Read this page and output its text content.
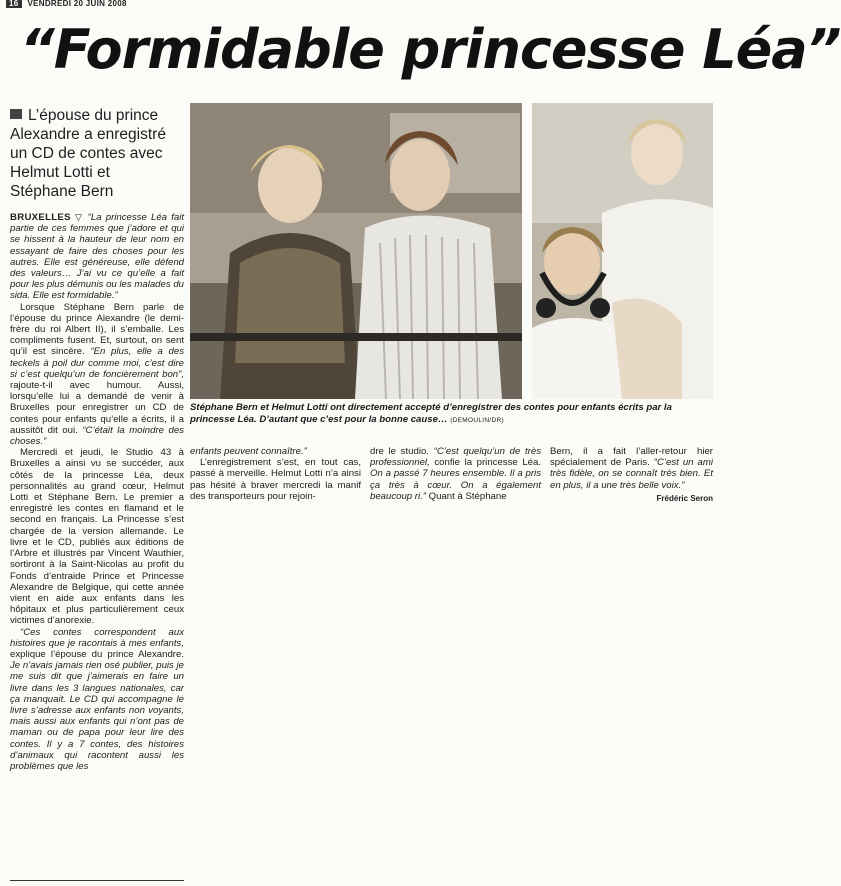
16 VENDREDI 20 JUIN 2008
“Formidable princesse Léa”
L’épouse du prince Alexandre a enregistré un CD de contes avec Helmut Lotti et Stéphane Bern
Stéphane Bern et Helmut Lotti ont directement accepté d’enregistrer des contes pour enfants écrits par la princesse Léa. D’autant que c’est pour la bonne cause… (DEMOULIN/DR)

BRUXELLES ▽ “La princesse Léa fait partie de ces femmes que j’adore et qui se hissent à la hauteur de leur nom en essayant de faire des choses pour les autres. Elle est généreuse, elle défend des valeurs… J’ai vu ce qu’elle a fait pour les plus démunis ou les malades du sida. Elle est formidable.”

Lorsque Stéphane Bern parle de l’épouse du prince Alexandre (le demi-frère du roi Albert II), il s’emballe. Les compliments fusent. Et, surtout, on sent qu’il est sincère. “En plus, elle a des teckels à poil dur comme moi, c’est dire si c’est quelqu’un de foncièrement bon”, rajoute-t-il avec humour. Aussi, lorsqu’elle lui a demandé de venir à Bruxelles pour enregistrer un CD de contes pour enfants qu’elle a écrits, il a aussitôt dit oui. “C’était la moindre des choses.”

Mercredi et jeudi, le Studio 43 à Bruxelles a ainsi vu se succéder, aux côtés de la princesse Léa, deux personnalités au grand cœur, Helmut Lotti et Stéphane Bern. Le premier a enregistré les contes en flamand et le second en français. La Princesse s’est chargée de la version allemande. Le livre et le CD, publiés aux éditions de l’Arbre et illustrés par Vincent Wauthier, sortiront à la Saint-Nicolas au profit du Fonds d’entraide Prince et Princesse Alexandre de Belgique, qui cette année vient en aide aux enfants dans les hôpitaux et plus particulièrement ceux victimes d’anorexie.

“Ces contes correspondent aux histoires que je racontais à mes enfants, explique l’épouse du prince Alexandre. Je n’avais jamais rien osé publier, puis je me suis dit que j’aimerais en faire un livre dans les 3 langues nationales, car ça manquait. Le CD qui accompagne le livre s’adresse aux enfants non voyants, mais aussi aux enfants qui n’ont pas de maman ou de papa pour leur lire des contes. Il y a 7 contes, des histoires d’animaux qui racontent aussi les problèmes que les

enfants peuvent connaître.”

L’enregistrement s’est, en tout cas, passé à merveille. Helmut Lotti n’a ainsi pas hésité à braver mercredi la manif des transporteurs pour rejoin-

dre le studio. “C’est quelqu’un de très professionnel, confie la princesse Léa. On a passé 7 heures ensemble. Il a pris ça très à cœur. On a également beaucoup ri.” Quant à Stéphane

Bern, il a fait l’aller-retour hier spécialement de Paris. “C’est un ami très fidèle, on se connaît très bien. Et en plus, il a une très belle voix.”

Frédéric Seron
